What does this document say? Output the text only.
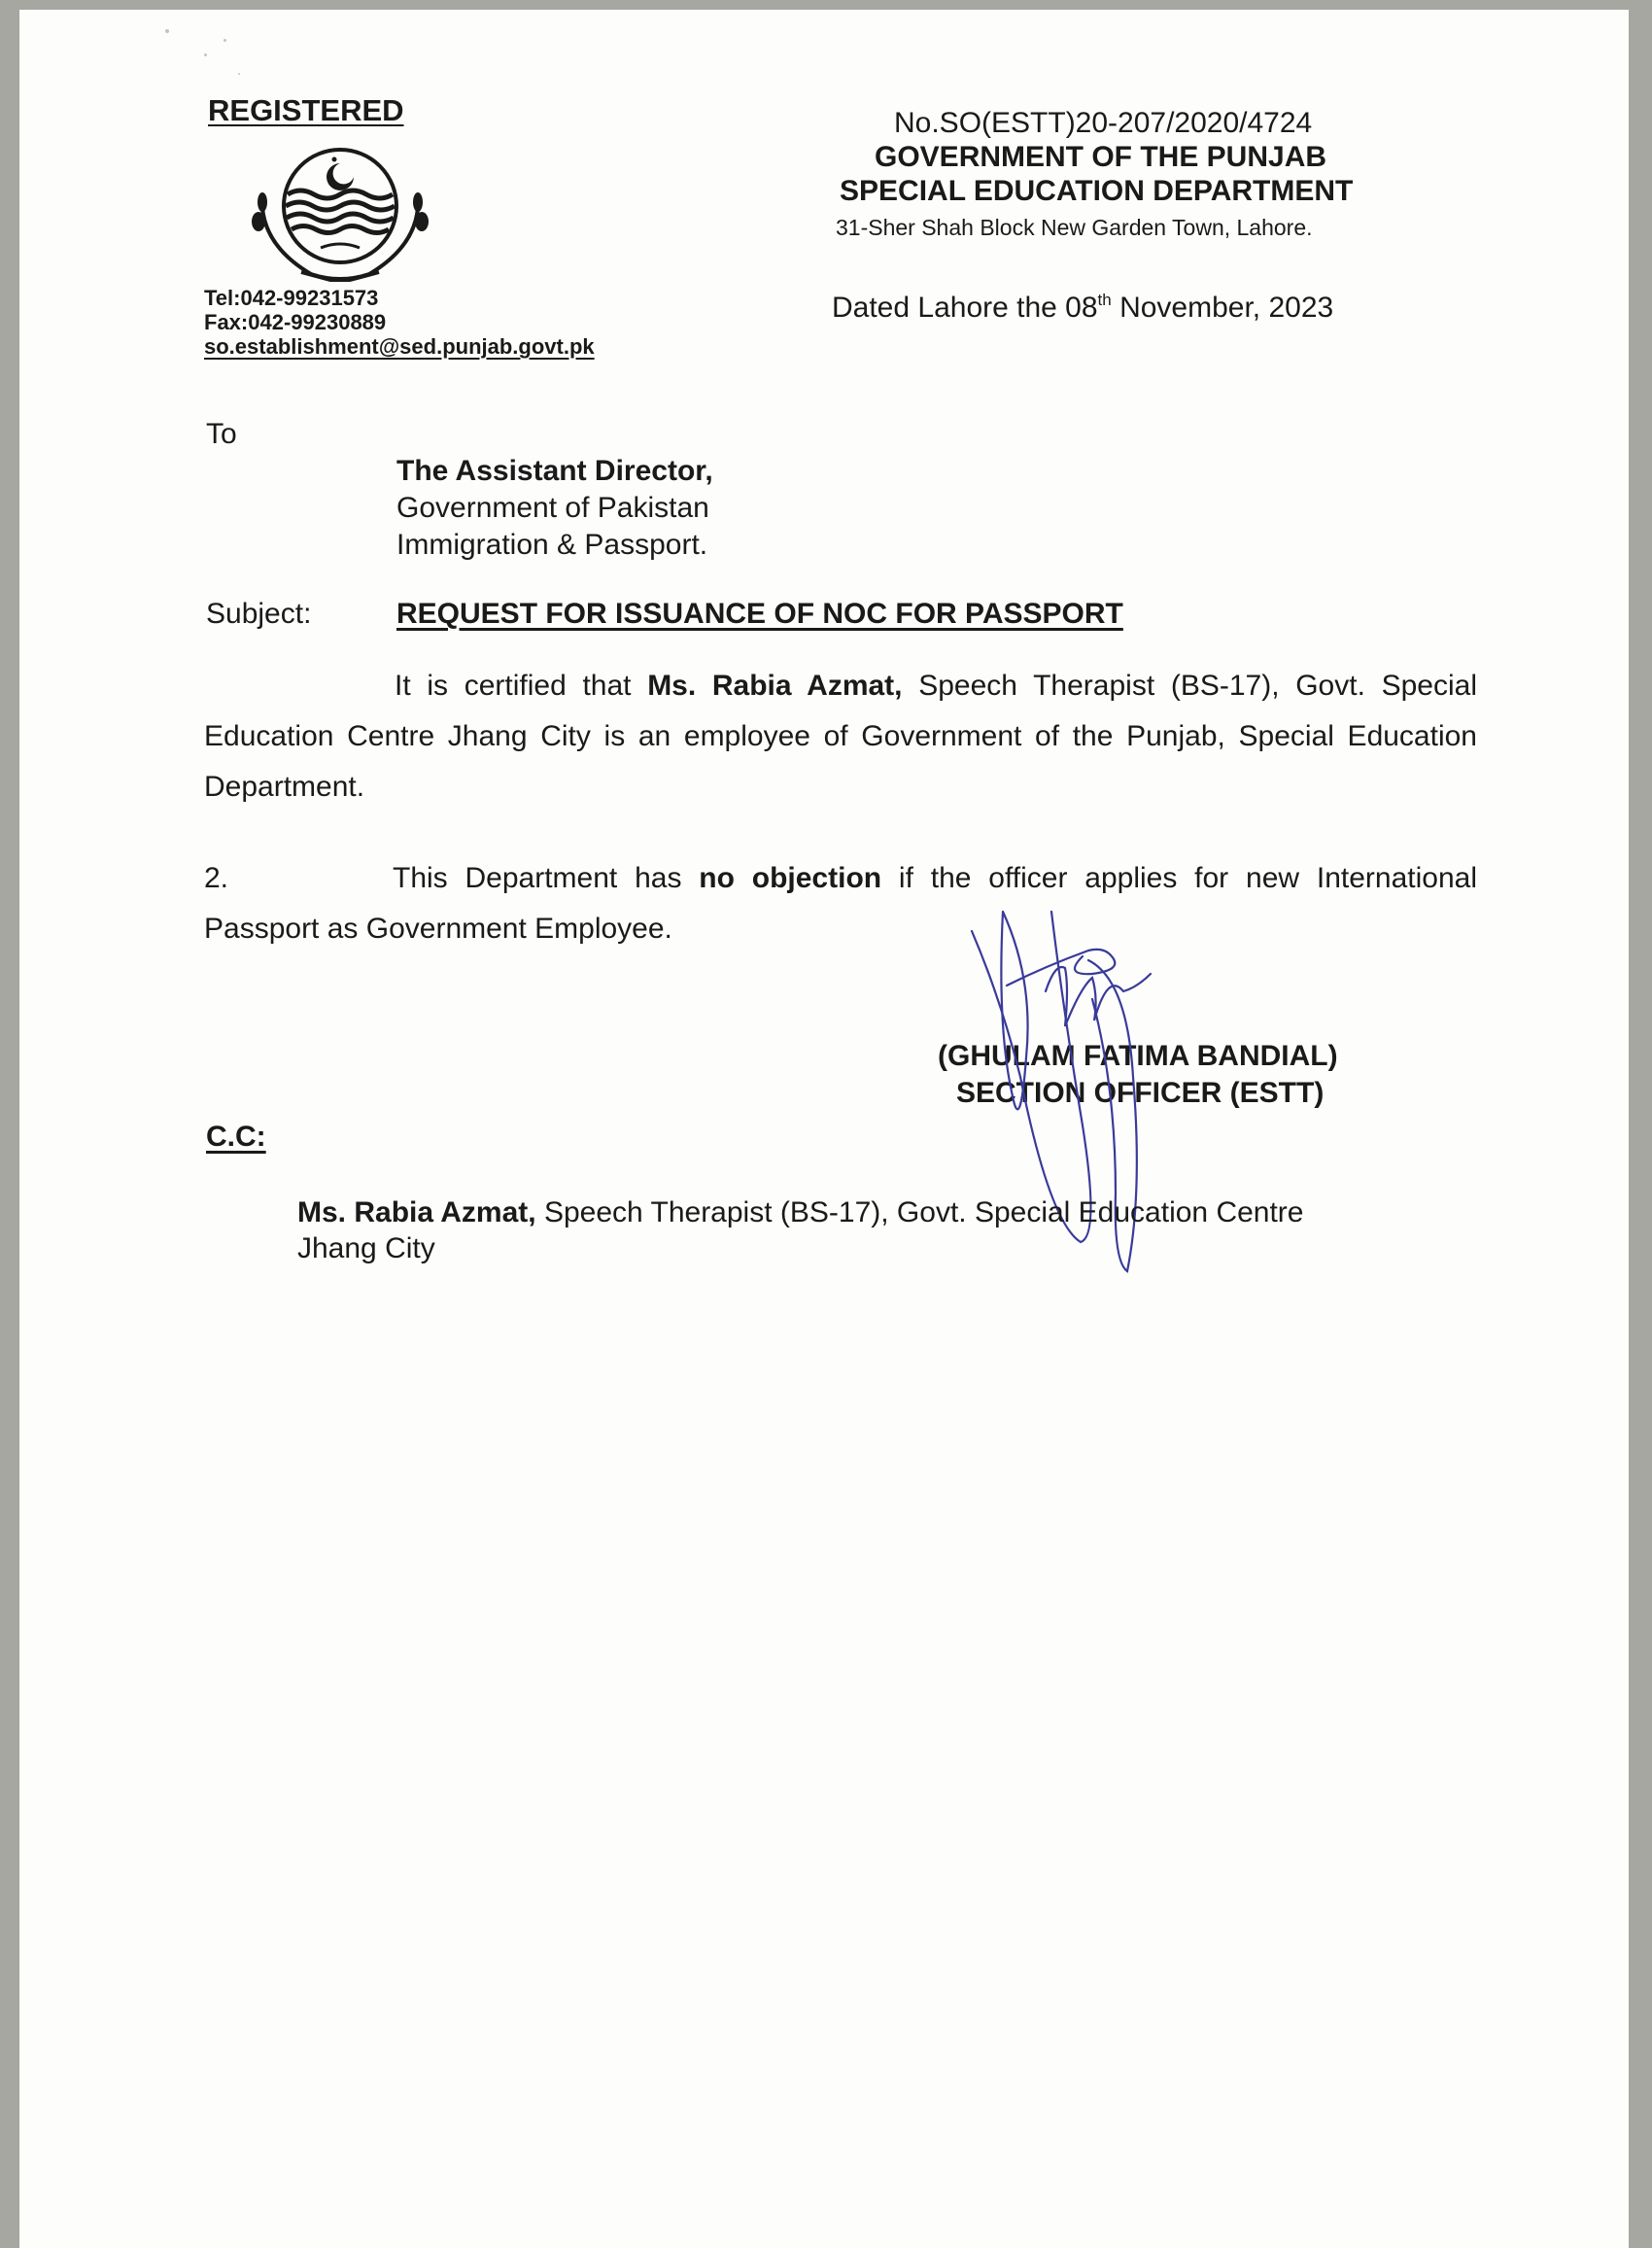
REGISTERED
Tel:042-99231573
Fax:042-99230889
so.establishment@sed.punjab.govt.pk
No.SO(ESTT)20-207/2020/4724
GOVERNMENT OF THE PUNJAB
SPECIAL EDUCATION DEPARTMENT
31-Sher Shah Block New Garden Town, Lahore.
Dated Lahore the 08th November, 2023
To
The Assistant Director,
Government of Pakistan
Immigration & Passport.
Subject:	REQUEST FOR ISSUANCE OF NOC FOR PASSPORT
It is certified that Ms. Rabia Azmat, Speech Therapist (BS-17), Govt. Special Education Centre Jhang City is an employee of Government of the Punjab, Special Education Department.
2.	This Department has no objection if the officer applies for new International Passport as Government Employee.
(GHULAM FATIMA BANDIAL)
SECTION OFFICER (ESTT)
C.C:
Ms. Rabia Azmat, Speech Therapist (BS-17), Govt. Special Education Centre
Jhang City
